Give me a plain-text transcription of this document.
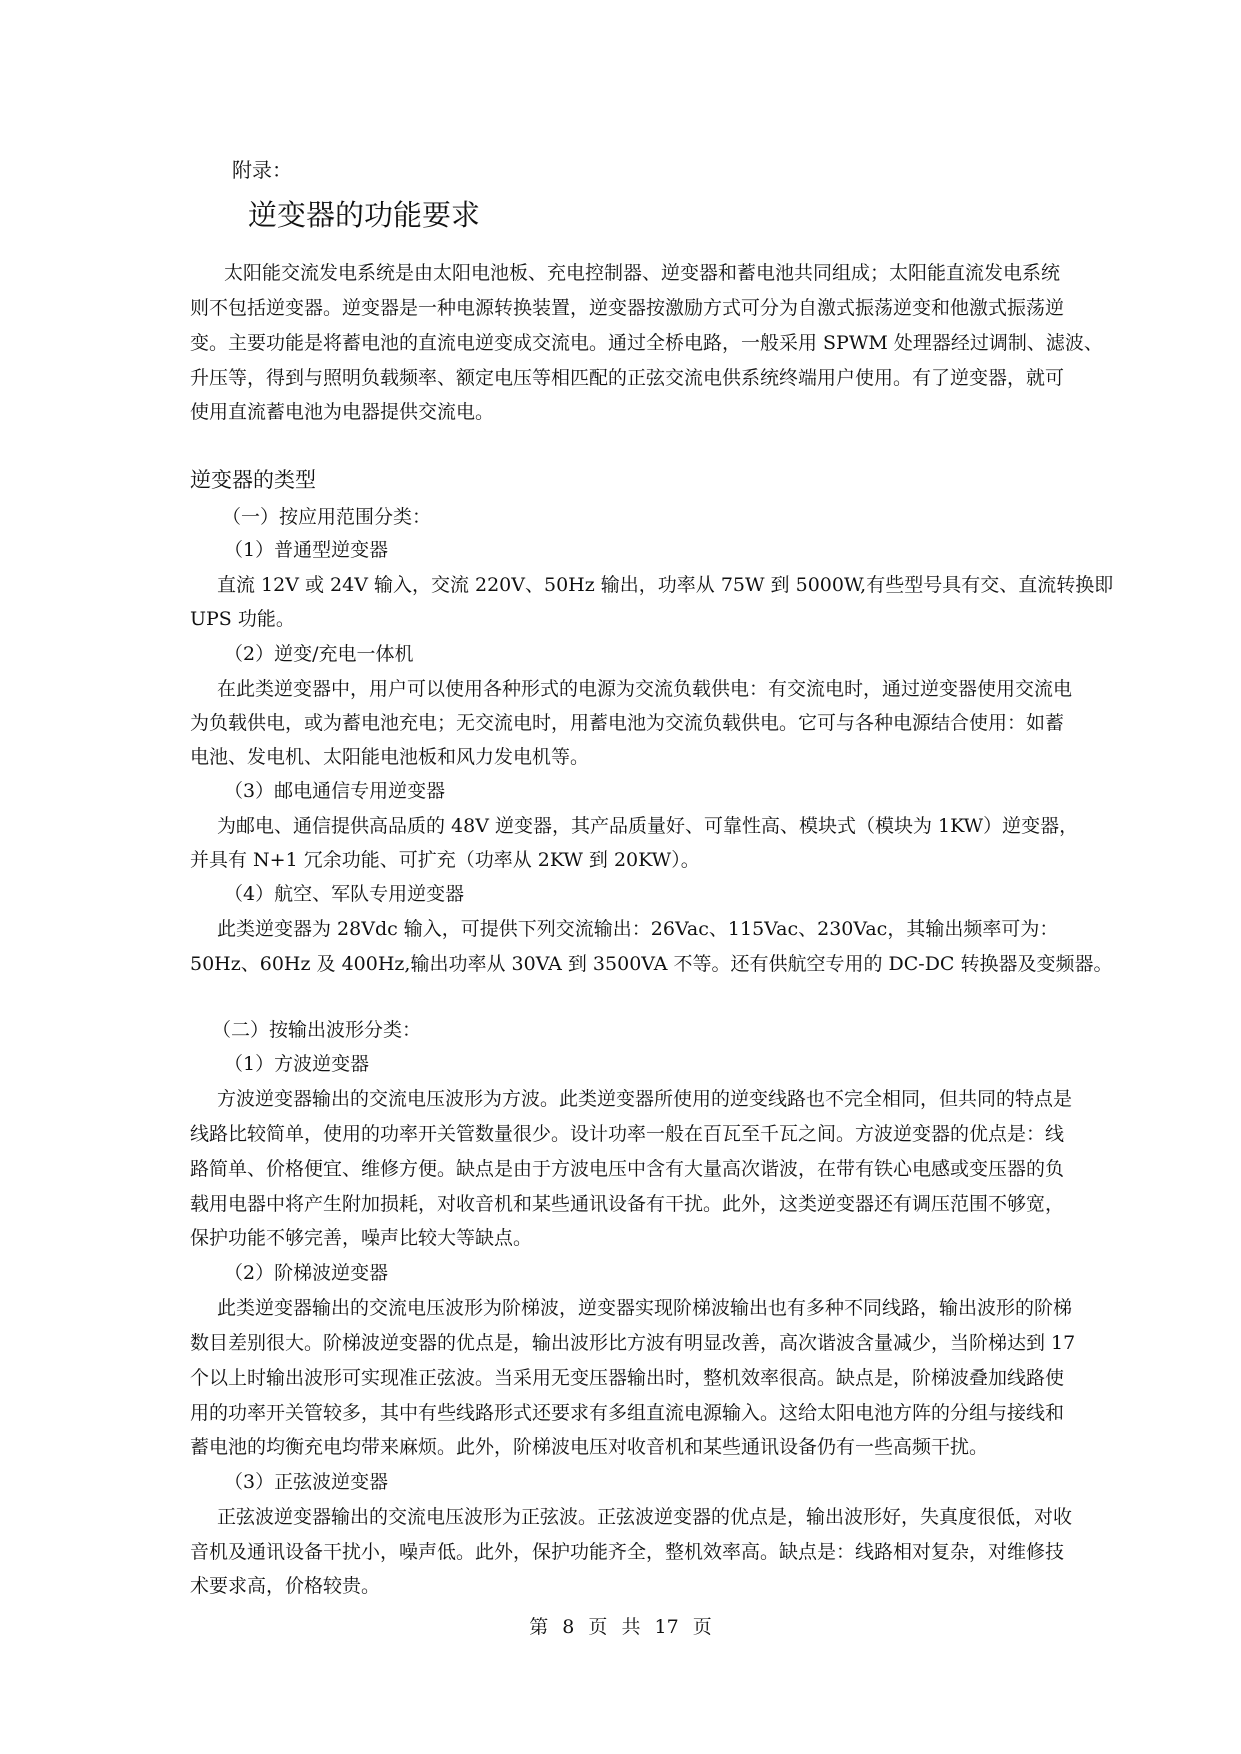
附录：
逆变器的功能要求
太阳能交流发电系统是由太阳电池板、充电控制器、逆变器和蓄电池共同组成；太阳能直流发电系统
则不包括逆变器。逆变器是一种电源转换装置，逆变器按激励方式可分为自激式振荡逆变和他激式振荡逆
变。主要功能是将蓄电池的直流电逆变成交流电。通过全桥电路，一般采用 SPWM 处理器经过调制、滤波、
升压等，得到与照明负载频率、额定电压等相匹配的正弦交流电供系统终端用户使用。有了逆变器，就可
使用直流蓄电池为电器提供交流电。
逆变器的类型
（一）按应用范围分类：
（1）普通型逆变器
直流 12V 或 24V 输入，交流 220V、50Hz 输出，功率从 75W 到 5000W,有些型号具有交、直流转换即
UPS 功能。
（2）逆变/充电一体机
在此类逆变器中，用户可以使用各种形式的电源为交流负载供电：有交流电时，通过逆变器使用交流电
为负载供电，或为蓄电池充电；无交流电时，用蓄电池为交流负载供电。它可与各种电源结合使用：如蓄
电池、发电机、太阳能电池板和风力发电机等。
（3）邮电通信专用逆变器
为邮电、通信提供高品质的 48V 逆变器，其产品质量好、可靠性高、模块式（模块为 1KW）逆变器，
并具有 N+1 冗余功能、可扩充（功率从 2KW 到 20KW）。
（4）航空、军队专用逆变器
此类逆变器为 28Vdc 输入，可提供下列交流输出：26Vac、115Vac、230Vac，其输出频率可为：
50Hz、60Hz 及 400Hz,输出功率从 30VA 到 3500VA 不等。还有供航空专用的 DC-DC 转换器及变频器。
（二）按输出波形分类：
（1）方波逆变器
方波逆变器输出的交流电压波形为方波。此类逆变器所使用的逆变线路也不完全相同，但共同的特点是
线路比较简单，使用的功率开关管数量很少。设计功率一般在百瓦至千瓦之间。方波逆变器的优点是：线
路简单、价格便宜、维修方便。缺点是由于方波电压中含有大量高次谐波，在带有铁心电感或变压器的负
载用电器中将产生附加损耗，对收音机和某些通讯设备有干扰。此外，这类逆变器还有调压范围不够宽，
保护功能不够完善，噪声比较大等缺点。
（2）阶梯波逆变器
此类逆变器输出的交流电压波形为阶梯波，逆变器实现阶梯波输出也有多种不同线路，输出波形的阶梯
数目差别很大。阶梯波逆变器的优点是，输出波形比方波有明显改善，高次谐波含量减少，当阶梯达到 17
个以上时输出波形可实现准正弦波。当采用无变压器输出时，整机效率很高。缺点是，阶梯波叠加线路使
用的功率开关管较多，其中有些线路形式还要求有多组直流电源输入。这给太阳电池方阵的分组与接线和
蓄电池的均衡充电均带来麻烦。此外，阶梯波电压对收音机和某些通讯设备仍有一些高频干扰。
（3）正弦波逆变器
正弦波逆变器输出的交流电压波形为正弦波。正弦波逆变器的优点是，输出波形好，失真度很低，对收
音机及通讯设备干扰小，噪声低。此外，保护功能齐全，整机效率高。缺点是：线路相对复杂，对维修技
术要求高，价格较贵。
第 8 页 共 17 页
